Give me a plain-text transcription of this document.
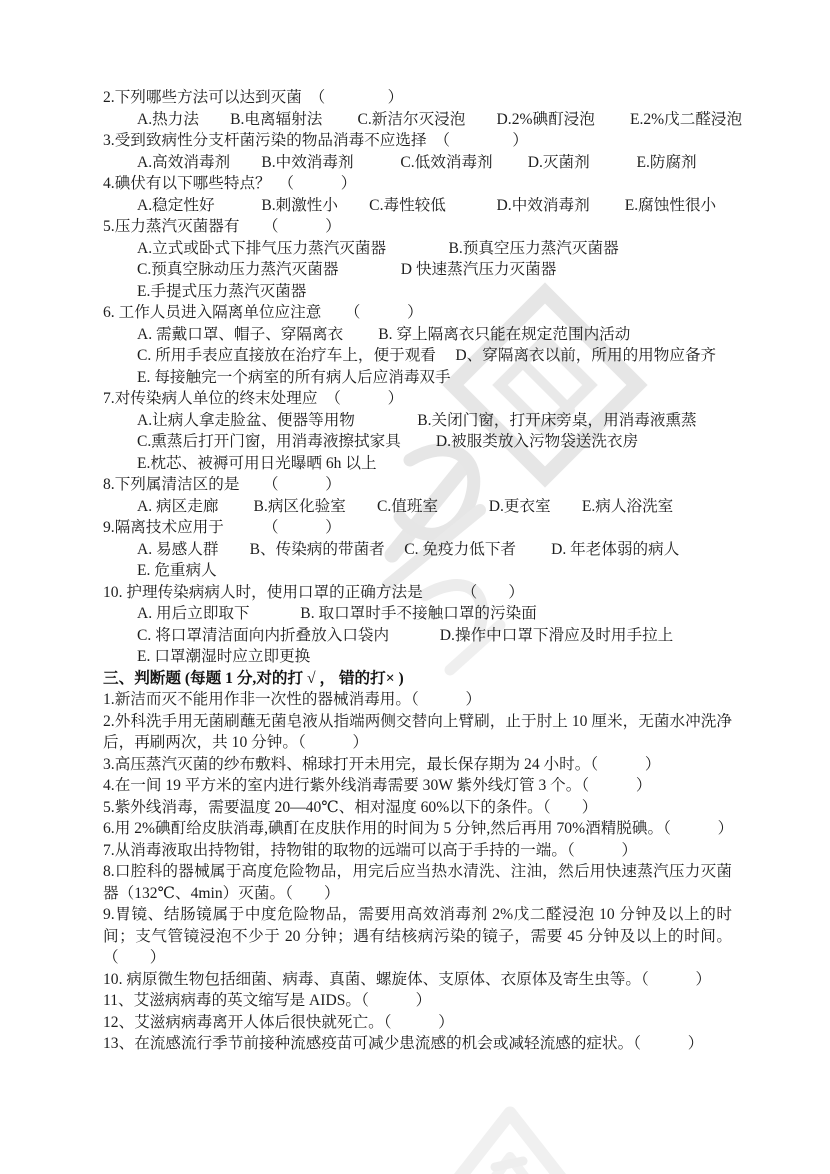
2.下列哪些方法可以达到灭菌　（　　　　）
A.热力法　　B.电离辐射法　　 C.新洁尔灭浸泡　　D.2%碘酊浸泡　　 E.2%戊二醛浸泡
3.受到致病性分支杆菌污染的物品消毒不应选择　（　　　　）
A.高效消毒剂　　B.中效消毒剂　　　C.低效消毒剂　　 D.灭菌剂　　　E.防腐剂
4.碘伏有以下哪些特点？　（　　　）
A.稳定性好　　　B.刺激性小　　C.毒性较低　　　 D.中效消毒剂　　 E.腐蚀性很小
5.压力蒸汽灭菌器有　　（　　　）
A.立式或卧式下排气压力蒸汽灭菌器　　　　B.预真空压力蒸汽灭菌器
C.预真空脉动压力蒸汽灭菌器　　　　D 快速蒸汽压力灭菌器
E.手提式压力蒸汽灭菌器
6. 工作人员进入隔离单位应注意　　（　　　）
A. 需戴口罩、帽子、穿隔离衣　　 B. 穿上隔离衣只能在规定范围内活动
C. 所用手表应直接放在治疗车上，便于观看　 D、穿隔离衣以前，所用的用物应备齐
E. 每接触完一个病室的所有病人后应消毒双手
7.对传染病人单位的终末处理应　（　　　）
A.让病人拿走脸盆、便器等用物　　　　B.关闭门窗，打开床旁桌，用消毒液熏蒸
C.熏蒸后打开门窗，用消毒液擦拭家具　　 D.被服类放入污物袋送洗衣房
E.枕芯、被褥可用日光曝晒 6h 以上
8.下列属清洁区的是　　（　　　）
A. 病区走廊　　 B.病区化验室　　C.值班室　　　 D.更衣室　　E.病人浴洗室
9.隔离技术应用于　　　（　　　）
A. 易感人群　　B、传染病的带菌者　 C. 免疫力低下者　　 D. 年老体弱的病人
E. 危重病人
10. 护理传染病病人时，使用口罩的正确方法是　　　（　　）
A. 用后立即取下　　　 B. 取口罩时手不接触口罩的污染面
C. 将口罩清洁面向内折叠放入口袋内　　　 D.操作中口罩下滑应及时用手拉上
E. 口罩潮湿时应立即更换
三、判断题 (每题 1 分,对的打 √ ， 错的打× )
1.新洁而灭不能用作非一次性的器械消毒用。（　　　）
2.外科洗手用无菌刷蘸无菌皂液从指端两侧交替向上臂刷，止于肘上 10 厘米，无菌水冲洗净后，再刷两次，共 10 分钟。（　　　）
3.高压蒸汽灭菌的纱布敷料、棉球打开未用完，最长保存期为 24 小时。（　　　）
4.在一间 19 平方米的室内进行紫外线消毒需要 30W 紫外线灯管 3 个。（　　　）
5.紫外线消毒，需要温度 20—40℃、相对湿度 60%以下的条件。（　　）
6.用 2%碘酊给皮肤消毒,碘酊在皮肤作用的时间为 5 分钟,然后再用 70%酒精脱碘。（　　　）
7.从消毒液取出持物钳，持物钳的取物的远端可以高于手持的一端。（　　　）
8.口腔科的器械属于高度危险物品，用完后应当热水清洗、注油，然后用快速蒸汽压力灭菌器（132℃、4min）灭菌。（　　）
9.胃镜、结肠镜属于中度危险物品，需要用高效消毒剂 2%戊二醛浸泡 10 分钟及以上的时间；支气管镜浸泡不少于 20 分钟；遇有结核病污染的镜子，需要 45 分钟及以上的时间。（　　）
10. 病原微生物包括细菌、病毒、真菌、螺旋体、支原体、衣原体及寄生虫等。（　　　）
11、艾滋病病毒的英文缩写是 AIDS。（　　　）
12、艾滋病病毒离开人体后很快就死亡。（　　　）
13、在流感流行季节前接种流感疫苗可减少患流感的机会或减轻流感的症状。（　　　）
